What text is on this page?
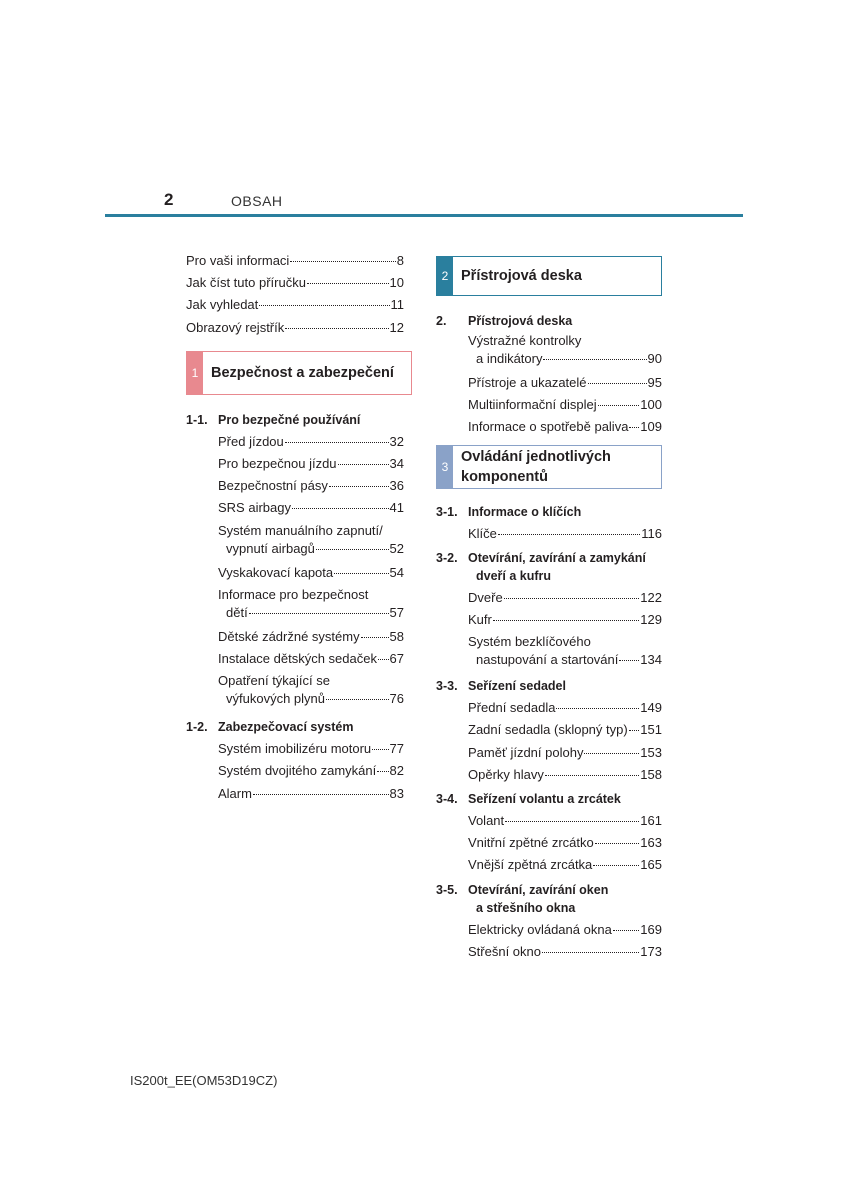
2	OBSAH
Pro vaši informaci	8
Jak číst tuto příručku	10
Jak vyhledat	11
Obrazový rejstřík	12
1 Bezpečnost a zabezpečení
1-1. Pro bezpečné používání
Před jízdou	32
Pro bezpečnou jízdu	34
Bezpečnostní pásy	36
SRS airbagy	41
Systém manuálního zapnutí/
vypnutí airbagů	52
Vyskakovací kapota	54
Informace pro bezpečnost
dětí	57
Dětské zádržné systémy 58
Instalace dětských sedaček 67
Opatření týkající se
výfukových plynů	76
1-2. Zabezpečovací systém
Systém imobilizéru motoru 77
Systém dvojitého zamykání 82
Alarm	83
2 Přístrojová deska
2.	Přístrojová deska
Výstražné kontrolky
a indikátory	90
Přístroje a ukazatelé	95
Multiinformační displej	100
Informace o spotřebě paliva 109
3
Ovládání jednotlivých
komponentů
3-1. Informace o klíčích
Klíče	116
3-2. Otevírání, zavírání a zamykání
dveří a kufru
Dveře	122
Kufr	129
Systém bezklíčového
nastupování a startování 134
3-3. Seřízení sedadel
Přední sedadla	149
Zadní sedadla (sklopný typ) 151
Paměť jízdní polohy	153
Opěrky hlavy	158
3-4. Seřízení volantu a zrcátek
Volant	161
Vnitřní zpětné zrcátko	163
Vnější zpětná zrcátka	165
3-5. Otevírání, zavírání oken
a střešního okna
Elektricky ovládaná okna 169
Střešní okno	173
IS200t_EE(OM53D19CZ)
